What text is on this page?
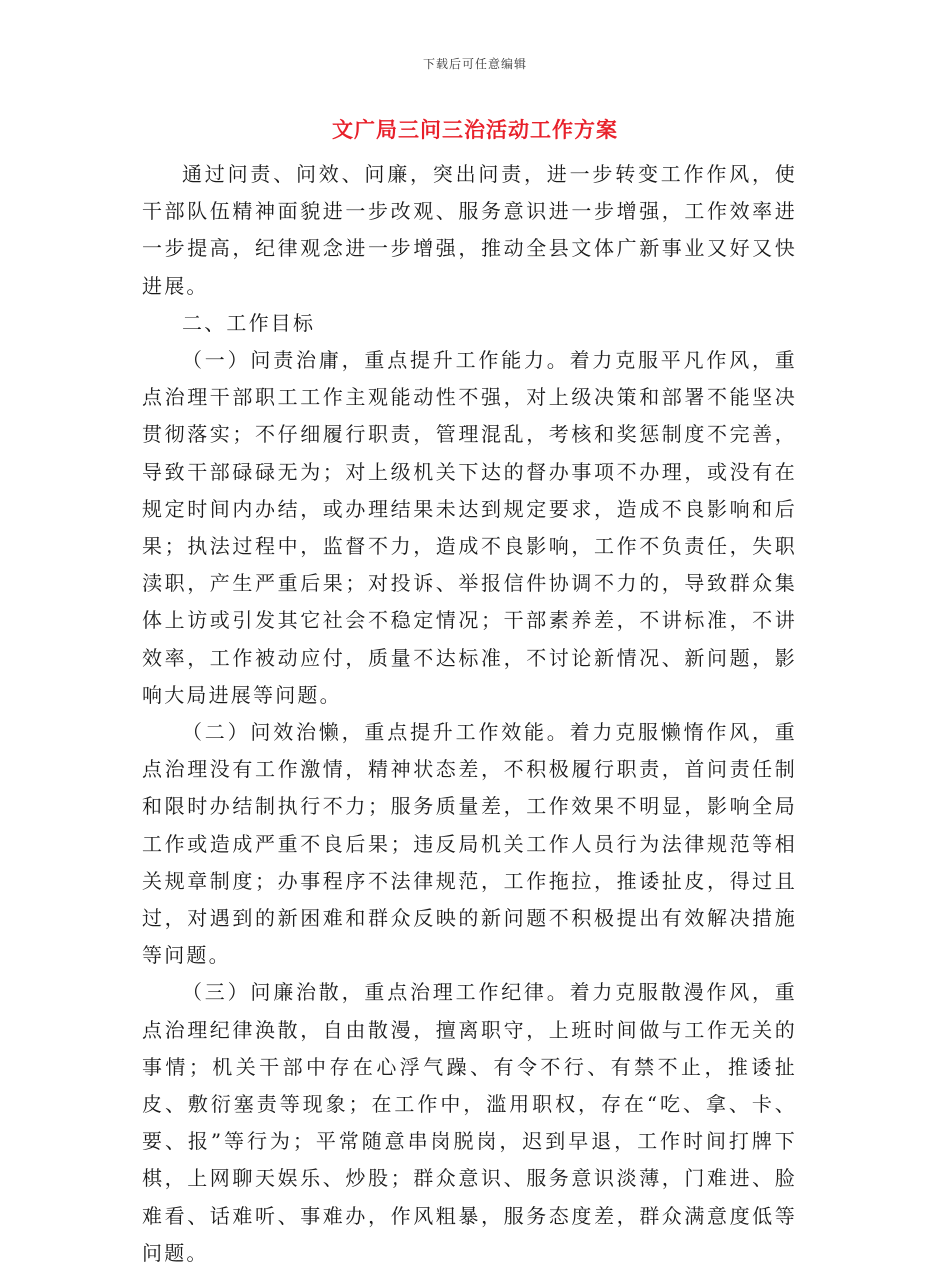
下载后可任意编辑
文广局三问三治活动工作方案

通过问责、问效、问廉，突出问责，进一步转变工作作风，使干部队伍精神面貌进一步改观、服务意识进一步增强，工作效率进一步提高，纪律观念进一步增强，推动全县文体广新事业又好又快进展。

二、工作目标

（一）问责治庸，重点提升工作能力。着力克服平凡作风，重点治理干部职工工作主观能动性不强，对上级决策和部署不能坚决贯彻落实；不仔细履行职责，管理混乱，考核和奖惩制度不完善，导致干部碌碌无为；对上级机关下达的督办事项不办理，或没有在规定时间内办结，或办理结果未达到规定要求，造成不良影响和后果；执法过程中，监督不力，造成不良影响，工作不负责任，失职渎职，产生严重后果；对投诉、举报信件协调不力的，导致群众集体上访或引发其它社会不稳定情况；干部素养差，不讲标准，不讲效率，工作被动应付，质量不达标准，不讨论新情况、新问题，影响大局进展等问题。

（二）问效治懒，重点提升工作效能。着力克服懒惰作风，重点治理没有工作激情，精神状态差，不积极履行职责，首问责任制和限时办结制执行不力；服务质量差，工作效果不明显，影响全局工作或造成严重不良后果；违反局机关工作人员行为法律规范等相关规章制度；办事程序不法律规范，工作拖拉，推诿扯皮，得过且过，对遇到的新困难和群众反映的新问题不积极提出有效解决措施等问题。

（三）问廉治散，重点治理工作纪律。着力克服散漫作风，重点治理纪律涣散，自由散漫，擅离职守，上班时间做与工作无关的事情；机关干部中存在心浮气躁、有令不行、有禁不止，推诿扯皮、敷衍塞责等现象；在工作中，滥用职权，存在“吃、拿、卡、要、报”等行为；平常随意串岗脱岗，迟到早退，工作时间打牌下棋，上网聊天娱乐、炒股；群众意识、服务意识淡薄，门难进、脸难看、话难听、事难办，作风粗暴，服务态度差，群众满意度低等问题。
